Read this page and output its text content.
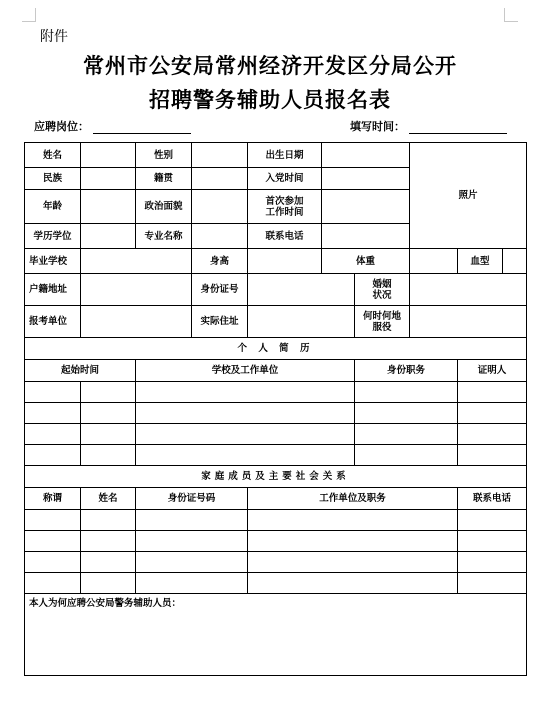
附件
常州市公安局常州经济开发区分局公开
招聘警务辅助人员报名表
应聘岗位：	填写时间：
姓名		性别		出生日期			照片		
民族		籍贯		入党时间					
年龄		政治面貌		首次参加工作时间					
学历学位		专业名称		联系电话					
毕业学校			身高		体重			血型	
户籍地址			身份证号			婚姻状况			
报考单位			实际住址			何时何地服役			
个 人 简 历									
起始时间		学校及工作单位				身份职务		证明人	

家庭成员及主要社会关系									
称谓	姓名	身份证号码		工作单位及职务				联系电话	

本人为何应聘公安局警务辅助人员：									
